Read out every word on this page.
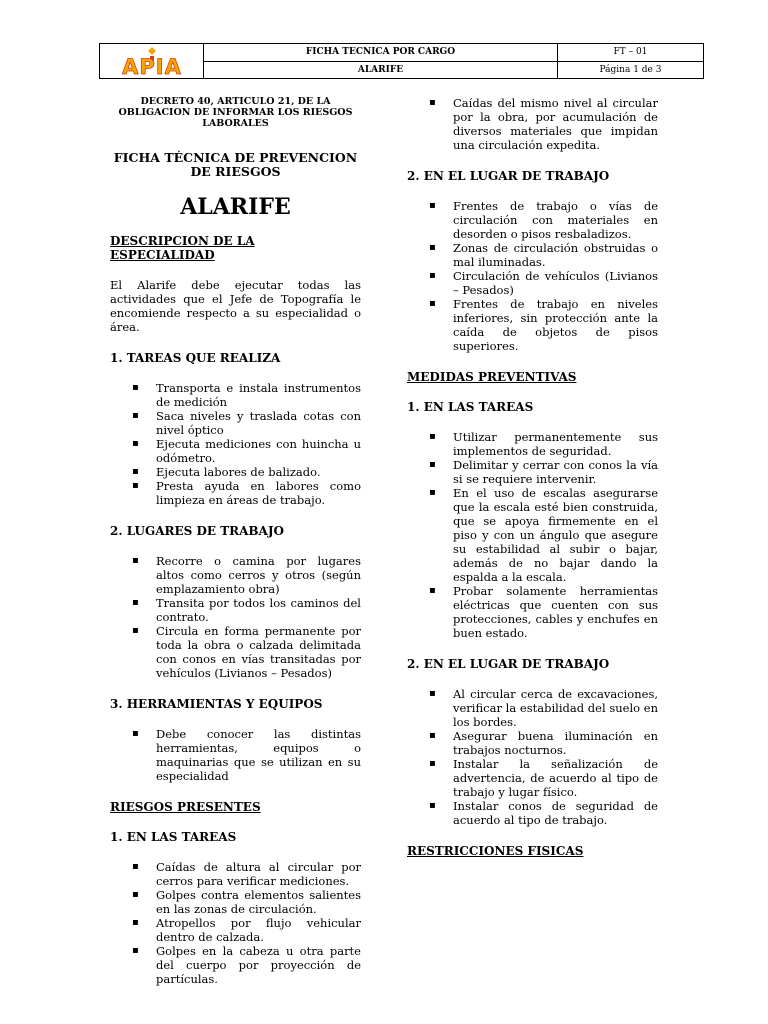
APIA
FICHA TECNICA POR CARGO	FT – 01
ALARIFE	Página 1 de 3

DECRETO 40, ARTICULO 21, DE LA OBLIGACION DE INFORMAR LOS RIESGOS LABORALES

FICHA TÉCNICA DE PREVENCION DE RIESGOS

ALARIFE

DESCRIPCION DE LA ESPECIALIDAD

El Alarife debe ejecutar todas las actividades que el Jefe de Topografía le encomiende respecto a su especialidad o área.

1. TAREAS QUE REALIZA
▪ Transporta e instala instrumentos de medición
▪ Saca niveles y traslada cotas con nivel óptico
▪ Ejecuta mediciones con huincha u odómetro.
▪ Ejecuta labores de balizado.
▪ Presta ayuda en labores como limpieza en áreas de trabajo.
2. LUGARES DE TRABAJO
▪ Recorre o camina por lugares altos como cerros y otros (según emplazamiento obra)
▪ Transita por todos los caminos del contrato.
▪ Circula en forma permanente por toda la obra o calzada delimitada con conos en vías transitadas por vehículos (Livianos – Pesados)
3. HERRAMIENTAS Y EQUIPOS
▪ Debe conocer las distintas herramientas, equipos o maquinarias que se utilizan en su especialidad
RIESGOS PRESENTES
1. EN LAS TAREAS
▪ Caídas de altura al circular por cerros para verificar mediciones.
▪ Golpes contra elementos salientes en las zonas de circulación.
▪ Atropellos por flujo vehicular dentro de calzada.
▪ Golpes en la cabeza u otra parte del cuerpo por proyección de partículas.
▪ Caídas del mismo nivel al circular por la obra, por acumulación de diversos materiales que impidan una circulación expedita.
2. EN EL LUGAR DE TRABAJO
▪ Frentes de trabajo o vías de circulación con materiales en desorden o pisos resbaladizos.
▪ Zonas de circulación obstruidas o mal iluminadas.
▪ Circulación de vehículos (Livianos – Pesados)
▪ Frentes de trabajo en niveles inferiores, sin protección ante la caída de objetos de pisos superiores.
MEDIDAS PREVENTIVAS
1. EN LAS TAREAS
▪ Utilizar permanentemente sus implementos de seguridad.
▪ Delimitar y cerrar con conos la vía si se requiere intervenir.
▪ En el uso de escalas asegurarse que la escala esté bien construida, que se apoya firmemente en el piso y con un ángulo que asegure su estabilidad al subir o bajar, además de no bajar dando la espalda a la escala.
▪ Probar solamente herramientas eléctricas que cuenten con sus protecciones, cables y enchufes en buen estado.
2. EN EL LUGAR DE TRABAJO
▪ Al circular cerca de excavaciones, verificar la estabilidad del suelo en los bordes.
▪ Asegurar buena iluminación en trabajos nocturnos.
▪ Instalar la señalización de advertencia, de acuerdo al tipo de trabajo y lugar físico.
▪ Instalar conos de seguridad de acuerdo al tipo de trabajo.
RESTRICCIONES FISICAS
